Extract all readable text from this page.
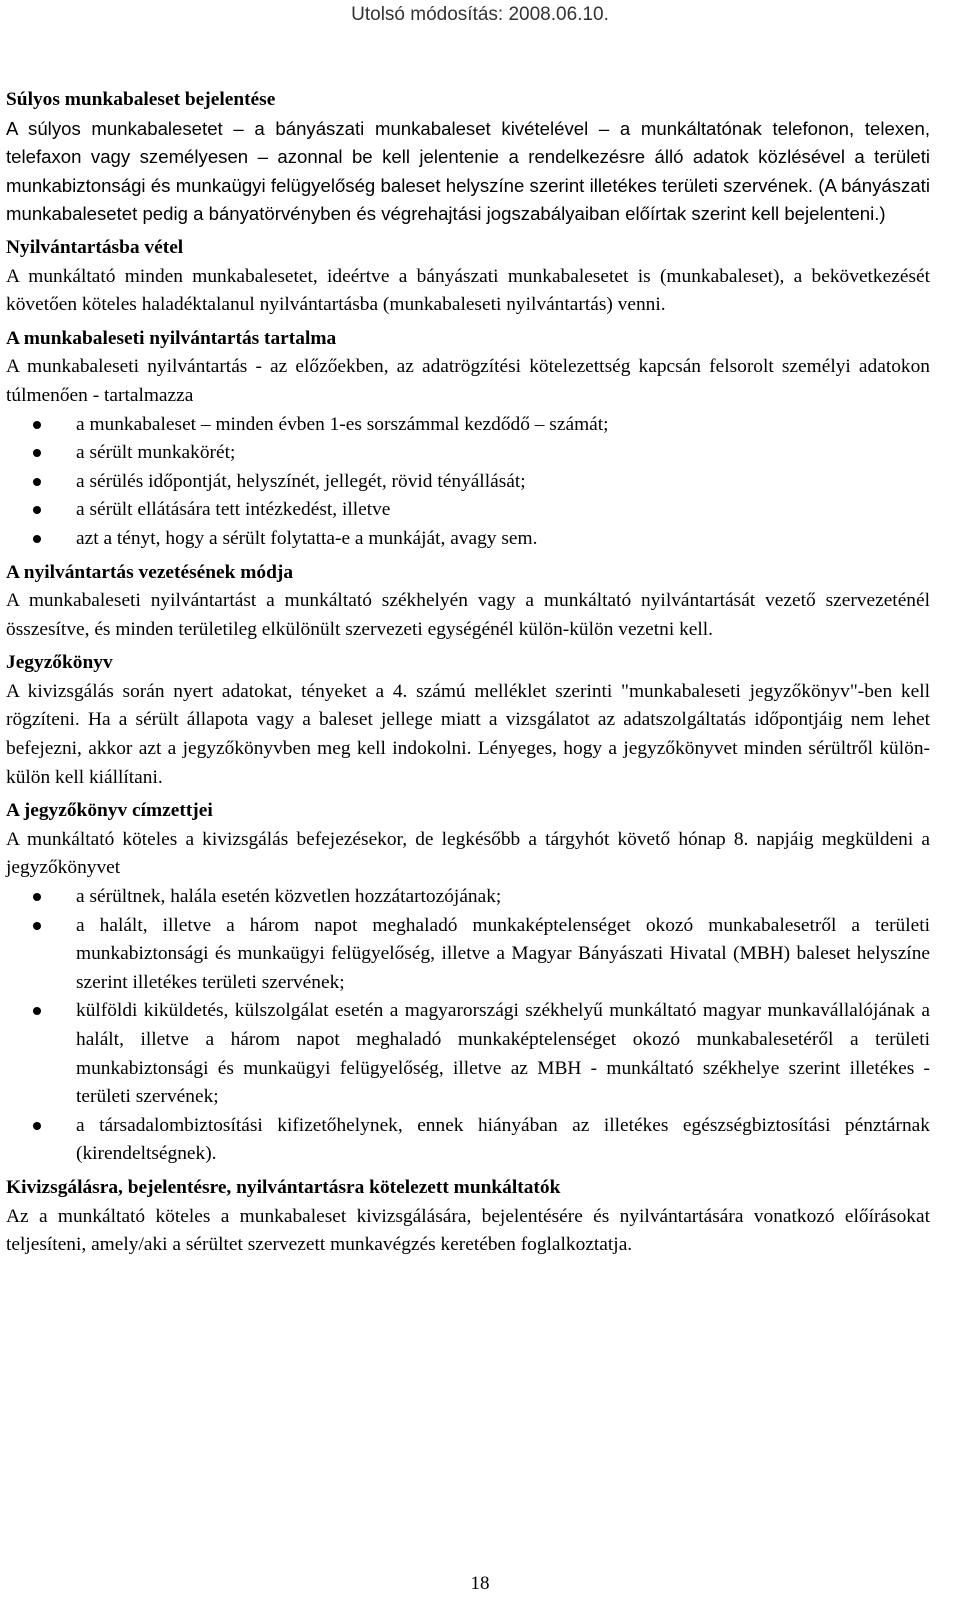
Utolsó módosítás: 2008.06.10.

Súlyos munkabaleset bejelentése

A súlyos munkabalesetet – a bányászati munkabaleset kivételével – a munkáltatónak telefonon, telexen, telefaxon vagy személyesen – azonnal be kell jelentenie a rendelkezésre álló adatok közlésével a területi munkabiztonsági és munkaügyi felügyelőség baleset helyszíne szerint illetékes területi szervének. (A bányászati munkabalesetet pedig a bányatörvényben és végrehajtási jogszabályaiban előírtak szerint kell bejelenteni.)

Nyilvántartásba vétel

A munkáltató minden munkabalesetet, ideértve a bányászati munkabalesetet is (munkabaleset), a bekövetkezését követően köteles haladéktalanul nyilvántartásba (munkabaleseti nyilvántartás) venni.

A munkabaleseti nyilvántartás tartalma

A munkabaleseti nyilvántartás - az előzőekben, az adatrögzítési kötelezettség kapcsán felsorolt személyi adatokon túlmenően - tartalmazza

a munkabaleset – minden évben 1-es sorszámmal kezdődő – számát;
a sérült munkakörét;
a sérülés időpontját, helyszínét, jellegét, rövid tényállását;
a sérült ellátására tett intézkedést, illetve
azt a tényt, hogy a sérült folytatta-e a munkáját, avagy sem.

A nyilvántartás vezetésének módja

A munkabaleseti nyilvántartást a munkáltató székhelyén vagy a munkáltató nyilvántartását vezető szervezeténél összesítve, és minden területileg elkülönült szervezeti egységénél külön-külön vezetni kell.

Jegyzőkönyv

A kivizsgálás során nyert adatokat, tényeket a 4. számú melléklet szerinti "munkabaleseti jegyzőkönyv"-ben kell rögzíteni. Ha a sérült állapota vagy a baleset jellege miatt a vizsgálatot az adatszolgáltatás időpontjáig nem lehet befejezni, akkor azt a jegyzőkönyvben meg kell indokolni. Lényeges, hogy a jegyzőkönyvet minden sérültről külön-külön kell kiállítani.

A jegyzőkönyv címzettjei

A munkáltató köteles a kivizsgálás befejezésekor, de legkésőbb a tárgyhót követő hónap 8. napjáig megküldeni a jegyzőkönyvet

a sérültnek, halála esetén közvetlen hozzátartozójának;
a halált, illetve a három napot meghaladó munkaképtelenséget okozó munkabalesetről a területi munkabiztonsági és munkaügyi felügyelőség, illetve a Magyar Bányászati Hivatal (MBH) baleset helyszíne szerint illetékes területi szervének;
külföldi kiküldetés, külszolgálat esetén a magyarországi székhelyű munkáltató magyar munkavállalójának a halált, illetve a három napot meghaladó munkaképtelenséget okozó munkabalesetéről a területi munkabiztonsági és munkaügyi felügyelőség, illetve az MBH - munkáltató székhelye szerint illetékes - területi szervének;
a társadalombiztosítási kifizetőhelynek, ennek hiányában az illetékes egészségbiztosítási pénztárnak (kirendeltségnek).

Kivizsgálásra, bejelentésre, nyilvántartásra kötelezett munkáltatók

Az a munkáltató köteles a munkabaleset kivizsgálására, bejelentésére és nyilvántartására vonatkozó előírásokat teljesíteni, amely/aki a sérültet szervezett munkavégzés keretében foglalkoztatja.

18
